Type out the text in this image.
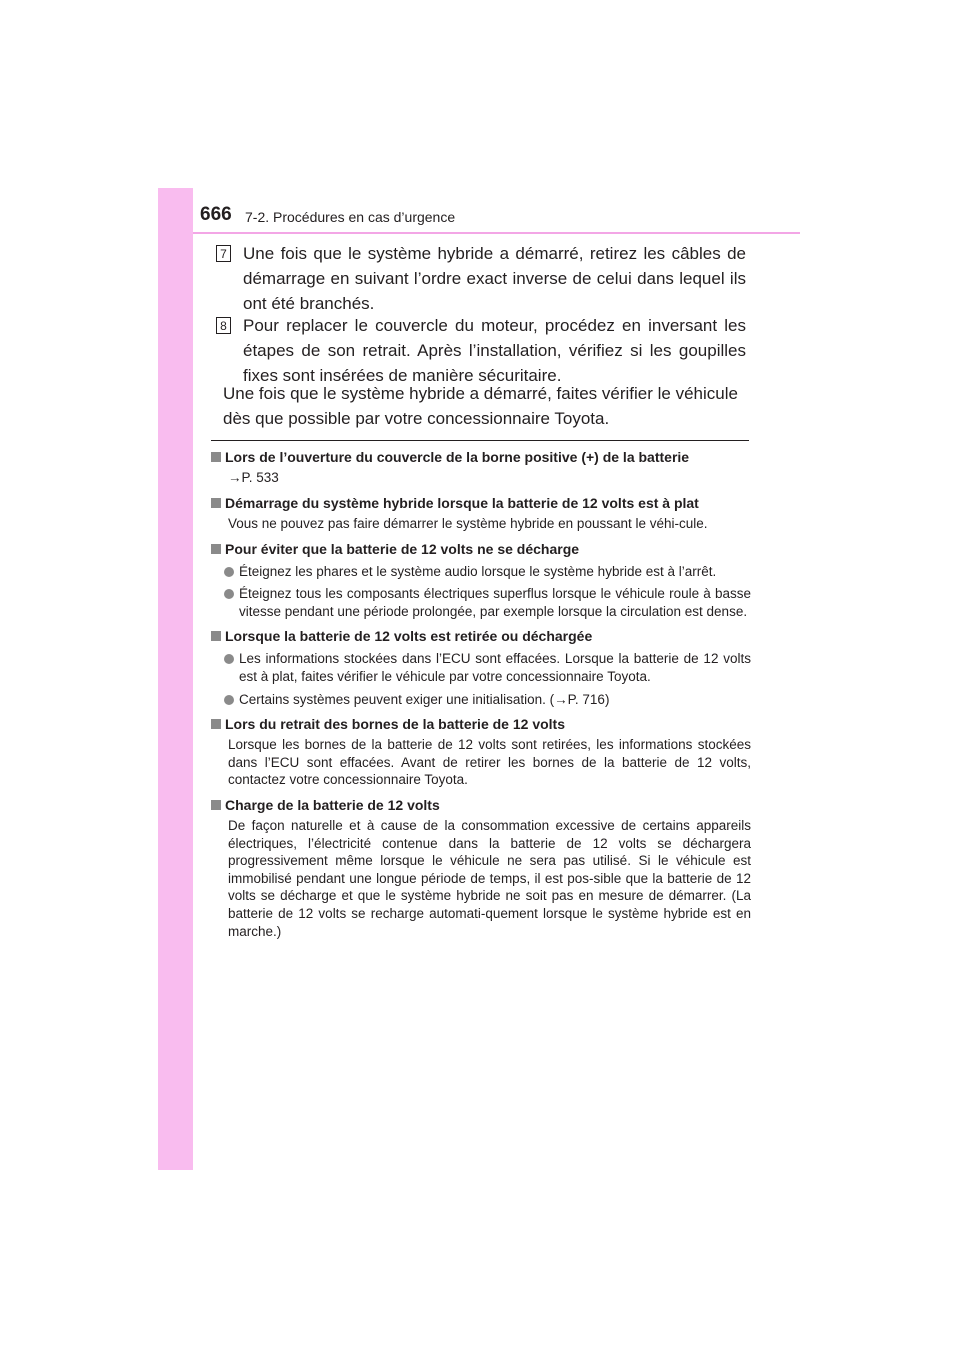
666 7-2. Procédures en cas d’urgence
7 Une fois que le système hybride a démarré, retirez les câbles de démarrage en suivant l’ordre exact inverse de celui dans lequel ils ont été branchés.
8 Pour replacer le couvercle du moteur, procédez en inversant les étapes de son retrait. Après l’installation, vérifiez si les goupilles fixes sont insérées de manière sécuritaire.
Une fois que le système hybride a démarré, faites vérifier le véhicule dès que possible par votre concessionnaire Toyota.
Lors de l’ouverture du couvercle de la borne positive (+) de la batterie
→P. 533
Démarrage du système hybride lorsque la batterie de 12 volts est à plat
Vous ne pouvez pas faire démarrer le système hybride en poussant le véhi-cule.
Pour éviter que la batterie de 12 volts ne se décharge
Éteignez les phares et le système audio lorsque le système hybride est à l’arrêt.
Éteignez tous les composants électriques superflus lorsque le véhicule roule à basse vitesse pendant une période prolongée, par exemple lorsque la circulation est dense.
Lorsque la batterie de 12 volts est retirée ou déchargée
Les informations stockées dans l’ECU sont effacées. Lorsque la batterie de 12 volts est à plat, faites vérifier le véhicule par votre concessionnaire Toyota.
Certains systèmes peuvent exiger une initialisation. (→P. 716)
Lors du retrait des bornes de la batterie de 12 volts
Lorsque les bornes de la batterie de 12 volts sont retirées, les informations stockées dans l’ECU sont effacées. Avant de retirer les bornes de la batterie de 12 volts, contactez votre concessionnaire Toyota.
Charge de la batterie de 12 volts
De façon naturelle et à cause de la consommation excessive de certains appareils électriques, l’électricité contenue dans la batterie de 12 volts se déchargera progressivement même lorsque le véhicule ne sera pas utilisé. Si le véhicule est immobilisé pendant une longue période de temps, il est pos-sible que la batterie de 12 volts se décharge et que le système hybride ne soit pas en mesure de démarrer. (La batterie de 12 volts se recharge automati-quement lorsque le système hybride est en marche.)
